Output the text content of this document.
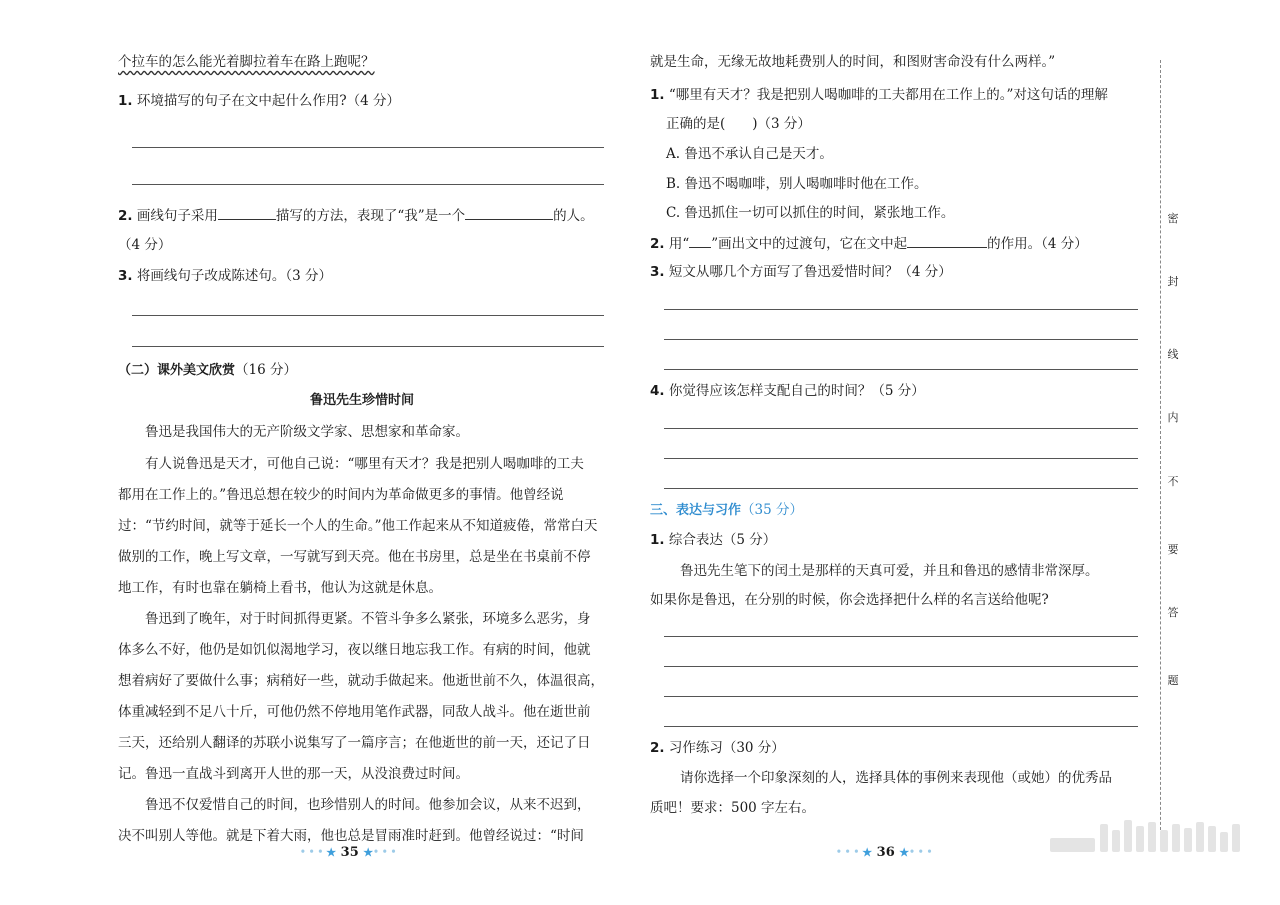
个拉车的怎么能光着脚拉着车在路上跑呢？
1. 环境描写的句子在文中起什么作用?（4 分）
2. 画线句子采用	描写的方法，表现了“我”是一个	的人。
（4 分）
3. 将画线句子改成陈述句。（3 分）
（二）课外美文欣赏（16 分）
鲁迅先生珍惜时间
鲁迅是我国伟大的无产阶级文学家、思想家和革命家。
有人说鲁迅是天才，可他自己说：“哪里有天才？我是把别人喝咖啡的工夫
都用在工作上的。”鲁迅总想在较少的时间内为革命做更多的事情。他曾经说
过：“节约时间，就等于延长一个人的生命。”他工作起来从不知道疲倦，常常白天
做别的工作，晚上写文章，一写就写到天亮。他在书房里，总是坐在书桌前不停
地工作，有时也靠在躺椅上看书，他认为这就是休息。
鲁迅到了晚年，对于时间抓得更紧。不管斗争多么紧张，环境多么恶劣，身
体多么不好，他仍是如饥似渴地学习，夜以继日地忘我工作。有病的时间，他就
想着病好了要做什么事；病稍好一些，就动手做起来。他逝世前不久，体温很高，
体重减轻到不足八十斤，可他仍然不停地用笔作武器，同敌人战斗。他在逝世前
三天，还给别人翻译的苏联小说集写了一篇序言；在他逝世的前一天，还记了日
记。鲁迅一直战斗到离开人世的那一天，从没浪费过时间。
鲁迅不仅爱惜自己的时间，也珍惜别人的时间。他参加会议，从来不迟到，
决不叫别人等他。就是下着大雨，他也总是冒雨准时赶到。他曾经说过：“时间
•••★ 35 ★•••
就是生命，无缘无故地耗费别人的时间，和图财害命没有什么两样。”
1. “哪里有天才？我是把别人喝咖啡的工夫都用在工作上的。”对这句话的理解
正确的是(　　)（3 分）
A. 鲁迅不承认自己是天才。
B. 鲁迅不喝咖啡，别人喝咖啡时他在工作。
C. 鲁迅抓住一切可以抓住的时间，紧张地工作。
2. 用“ ”画出文中的过渡句，它在文中起	的作用。（4 分）
3. 短文从哪几个方面写了鲁迅爱惜时间？（4 分）
4. 你觉得应该怎样支配自己的时间？（5 分）
三、表达与习作（35 分）
1. 综合表达（5 分）
鲁迅先生笔下的闰土是那样的天真可爱，并且和鲁迅的感情非常深厚。
如果你是鲁迅，在分别的时候，你会选择把什么样的名言送给他呢?
2. 习作练习（30 分）
请你选择一个印象深刻的人，选择具体的事例来表现他（或她）的优秀品
质吧！要求：500 字左右。
•••★ 36 ★•••
密
封
线
内
不
要
答
题
